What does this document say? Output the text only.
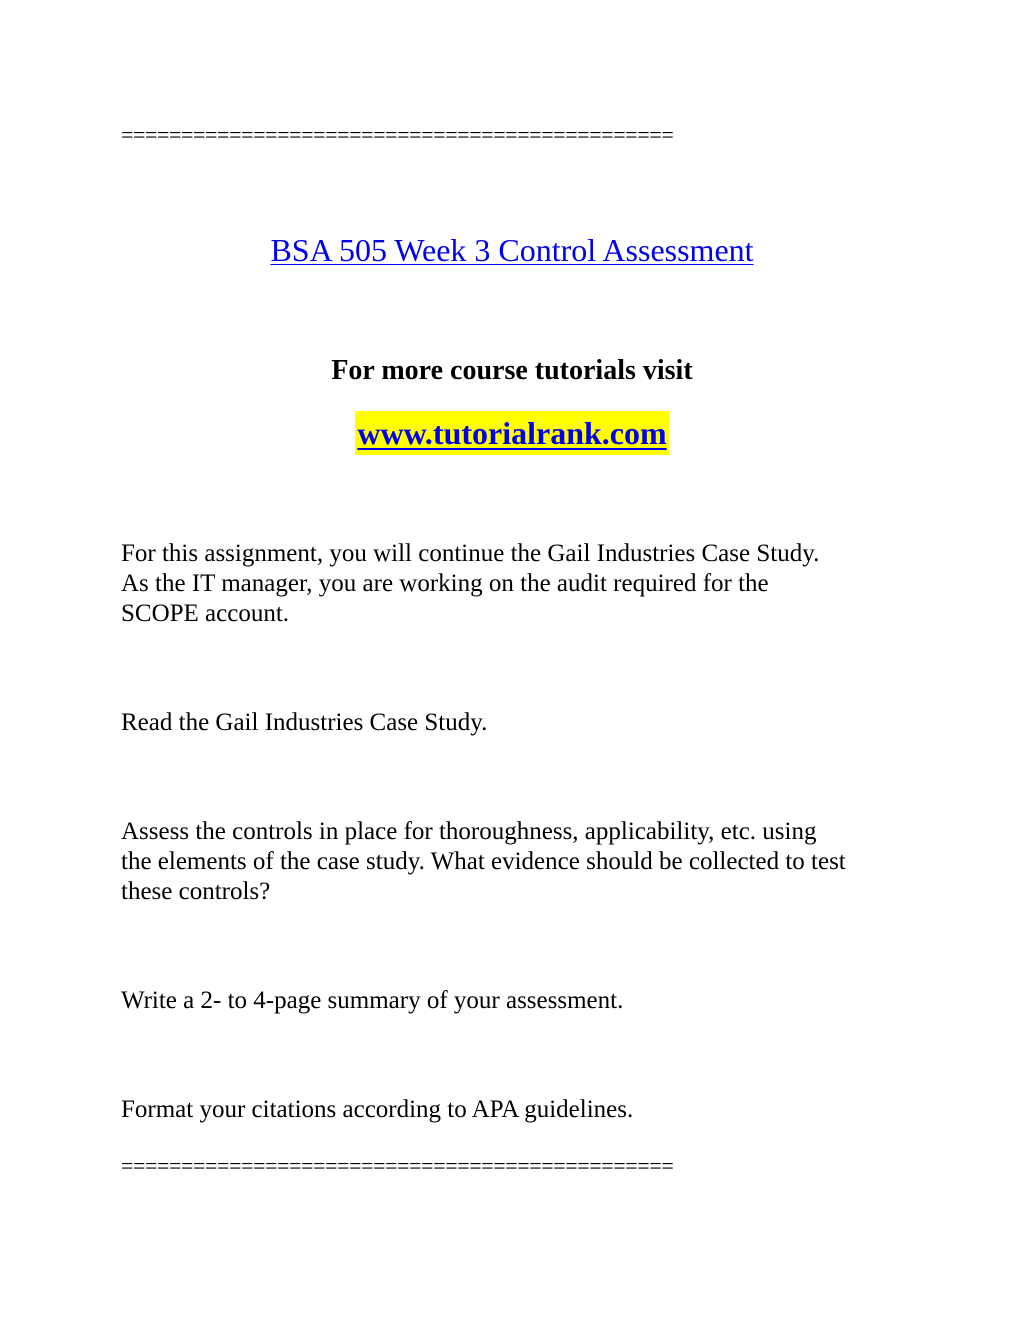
==============================================
BSA 505 Week 3 Control Assessment
For more course tutorials visit
www.tutorialrank.com
For this assignment, you will continue the Gail Industries Case Study.
As the IT manager, you are working on the audit required for the
SCOPE account.
Read the Gail Industries Case Study.
Assess the controls in place for thoroughness, applicability, etc. using
the elements of the case study. What evidence should be collected to test
these controls?
Write a 2- to 4-page summary of your assessment.
Format your citations according to APA guidelines.
==============================================
